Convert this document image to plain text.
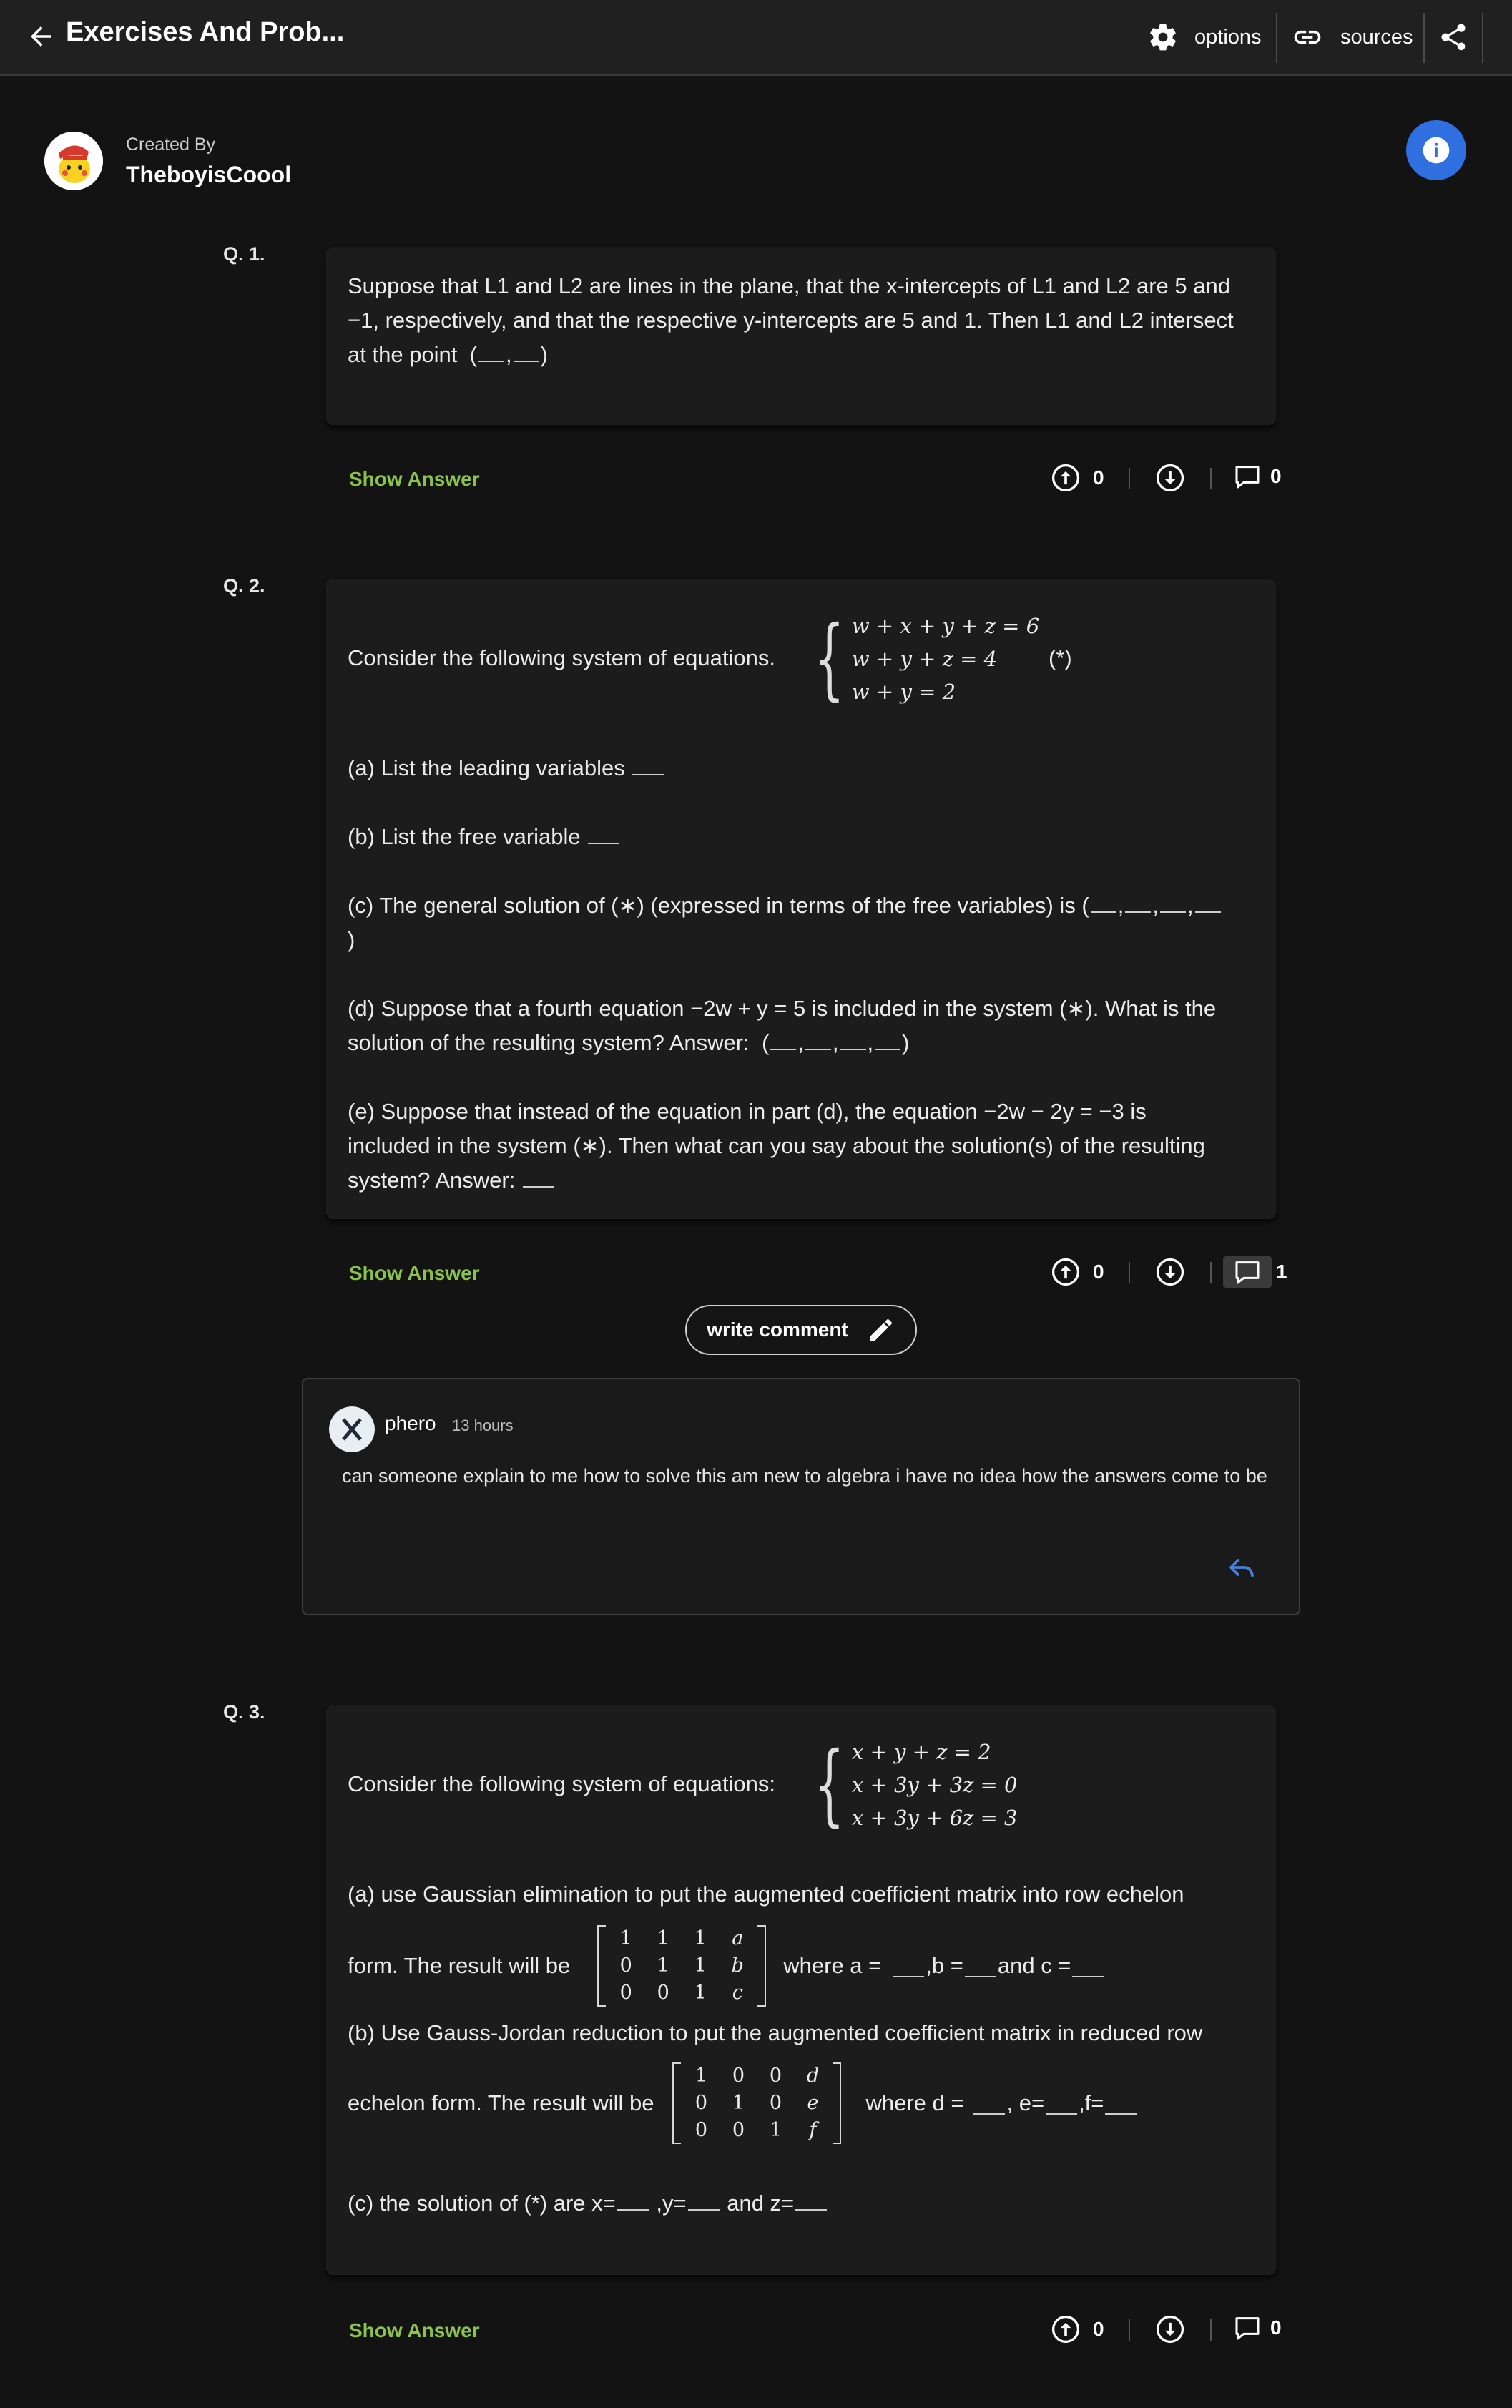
Exercises And Prob...	options	sources
Created By
TheboyisCoool
Q. 1.
Suppose that L1 and L2 are lines in the plane, that the x-intercepts of L1 and L2 are 5 and
−1, respectively, and that the respective y-intercepts are 5 and 1. Then L1 and L2 intersect
at the point  ( , )
Show Answer	0	0
Q. 2.
Consider the following system of equations. { w + x + y + z = 6
w + y + z = 4
w + y = 2
(*)
(a) List the leading variables
(b) List the free variable
(c) The general solution of (∗) (expressed in terms of the free variables) is ( , , ,
)
(d) Suppose that a fourth equation −2w + y = 5 is included in the system (∗). What is the
solution of the resulting system? Answer:  ( , , , )
(e) Suppose that instead of the equation in part (d), the equation −2w − 2y = −3 is
included in the system (∗). Then what can you say about the solution(s) of the resulting
system? Answer:
Show Answer	0	1
write comment
phero 13 hours
can someone explain to me how to solve this am new to algebra i have no idea how the answers come to be
Q. 3.
Consider the following system of equations: { x + y + z = 2
x + 3y + 3z = 0
x + 3y + 6z = 3
(a) use Gaussian elimination to put the augmented coefficient matrix into row echelon
form. The result will be
1	1	1	a
0	1	1	b
0	0	1	c
where a = ,b = and c =
(b) Use Gauss-Jordan reduction to put the augmented coefficient matrix in reduced row
echelon form. The result will be
1	0	0	d
0	1	0	e
0	0	1	f
where d = , e= ,f=
(c) the solution of (*) are x= ,y= and z=
Show Answer	0	0
